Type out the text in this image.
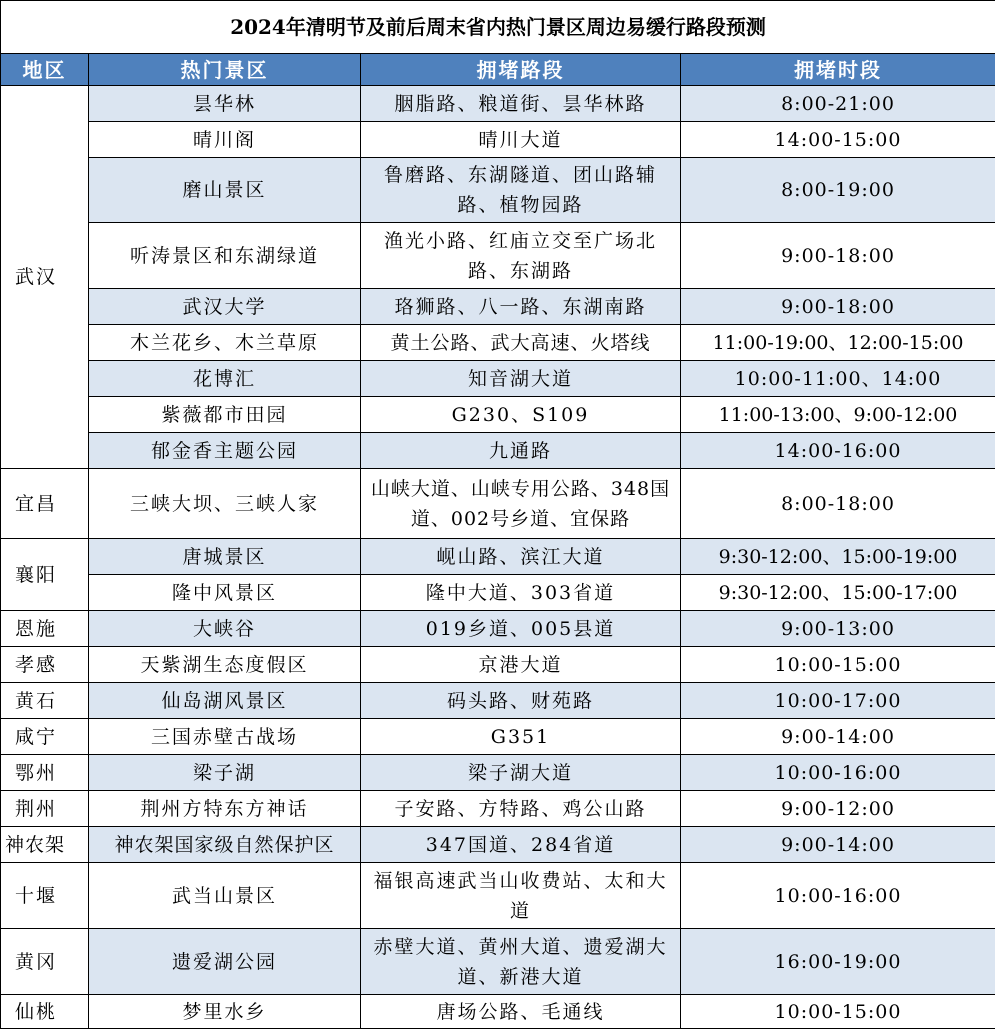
2024年清明节及前后周末省内热门景区周边易缓行路段预测			
地区	热门景区	拥堵路段	拥堵时段
武汉	昙华林	胭脂路、粮道街、昙华林路	8:00-21:00
	晴川阁	晴川大道	14:00-15:00
	磨山景区	鲁磨路、东湖隧道、团山路辅路、植物园路	8:00-19:00
	听涛景区和东湖绿道	渔光小路、红庙立交至广场北路、东湖路	9:00-18:00
	武汉大学	珞狮路、八一路、东湖南路	9:00-18:00
	木兰花乡、木兰草原	黄土公路、武大高速、火塔线	11:00-19:00、12:00-15:00
	花博汇	知音湖大道	10:00-11:00、14:00
	紫薇都市田园	G230、S109	11:00-13:00、9:00-12:00
	郁金香主题公园	九通路	14:00-16:00
宜昌	三峡大坝、三峡人家	山峡大道、山峡专用公路、348国道、002号乡道、宜保路	8:00-18:00
襄阳	唐城景区	岘山路、滨江大道	9:30-12:00、15:00-19:00
	隆中风景区	隆中大道、303省道	9:30-12:00、15:00-17:00
恩施	大峡谷	019乡道、005县道	9:00-13:00
孝感	天紫湖生态度假区	京港大道	10:00-15:00
黄石	仙岛湖风景区	码头路、财苑路	10:00-17:00
咸宁	三国赤壁古战场	G351	9:00-14:00
鄂州	梁子湖	梁子湖大道	10:00-16:00
荆州	荆州方特东方神话	子安路、方特路、鸡公山路	9:00-12:00
神农架	神农架国家级自然保护区	347国道、284省道	9:00-14:00
十堰	武当山景区	福银高速武当山收费站、太和大道	10:00-16:00
黄冈	遗爱湖公园	赤壁大道、黄州大道、遗爱湖大道、新港大道	16:00-19:00
仙桃	梦里水乡	唐场公路、毛通线	10:00-15:00
